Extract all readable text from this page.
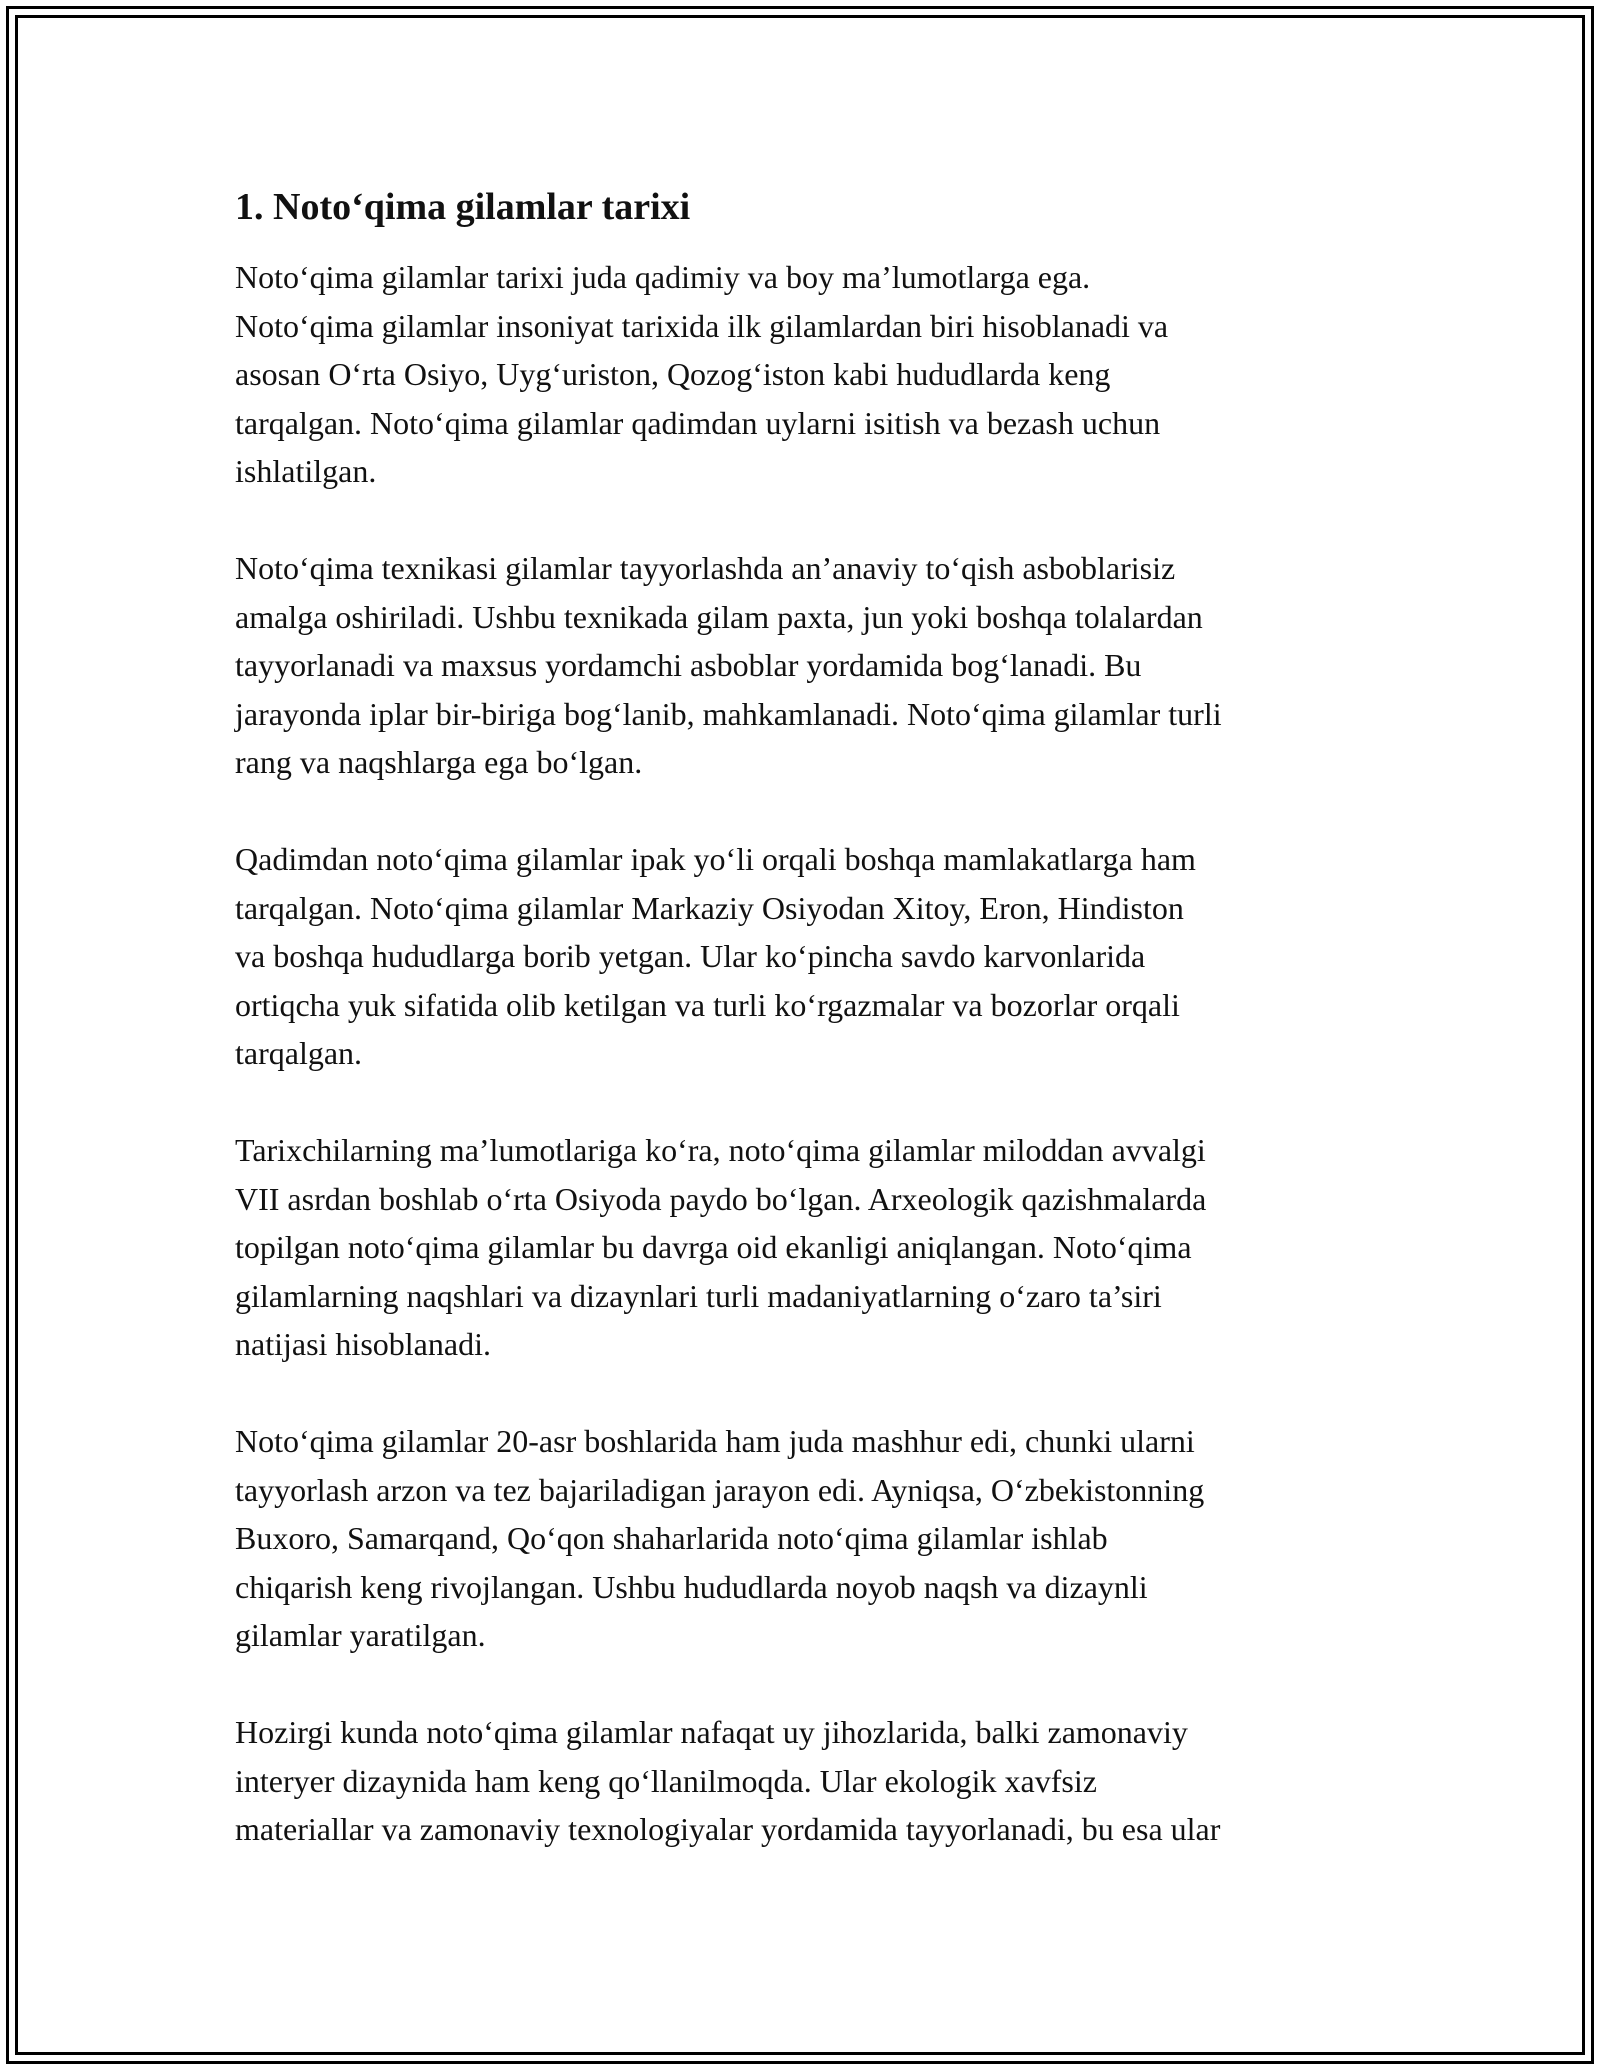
1. Noto‘qima gilamlar tarixi

Noto‘qima gilamlar tarixi juda qadimiy va boy ma’lumotlarga ega.
Noto‘qima gilamlar insoniyat tarixida ilk gilamlardan biri hisoblanadi va
asosan O‘rta Osiyo, Uyg‘uriston, Qozog‘iston kabi hududlarda keng
tarqalgan. Noto‘qima gilamlar qadimdan uylarni isitish va bezash uchun
ishlatilgan.

Noto‘qima texnikasi gilamlar tayyorlashda an’anaviy to‘qish asboblarisiz
amalga oshiriladi. Ushbu texnikada gilam paxta, jun yoki boshqa tolalardan
tayyorlanadi va maxsus yordamchi asboblar yordamida bog‘lanadi. Bu
jarayonda iplar bir-biriga bog‘lanib, mahkamlanadi. Noto‘qima gilamlar turli
rang va naqshlarga ega bo‘lgan.

Qadimdan noto‘qima gilamlar ipak yo‘li orqali boshqa mamlakatlarga ham
tarqalgan. Noto‘qima gilamlar Markaziy Osiyodan Xitoy, Eron, Hindiston
va boshqa hududlarga borib yetgan. Ular ko‘pincha savdo karvonlarida
ortiqcha yuk sifatida olib ketilgan va turli ko‘rgazmalar va bozorlar orqali
tarqalgan.

Tarixchilarning ma’lumotlariga ko‘ra, noto‘qima gilamlar miloddan avvalgi
VII asrdan boshlab o‘rta Osiyoda paydo bo‘lgan. Arxeologik qazishmalarda
topilgan noto‘qima gilamlar bu davrga oid ekanligi aniqlangan. Noto‘qima
gilamlarning naqshlari va dizaynlari turli madaniyatlarning o‘zaro ta’siri
natijasi hisoblanadi.

Noto‘qima gilamlar 20-asr boshlarida ham juda mashhur edi, chunki ularni
tayyorlash arzon va tez bajariladigan jarayon edi. Ayniqsa, O‘zbekistonning
Buxoro, Samarqand, Qo‘qon shaharlarida noto‘qima gilamlar ishlab
chiqarish keng rivojlangan. Ushbu hududlarda noyob naqsh va dizaynli
gilamlar yaratilgan.

Hozirgi kunda noto‘qima gilamlar nafaqat uy jihozlarida, balki zamonaviy
interyer dizaynida ham keng qo‘llanilmoqda. Ular ekologik xavfsiz
materiallar va zamonaviy texnologiyalar yordamida tayyorlanadi, bu esa ular
